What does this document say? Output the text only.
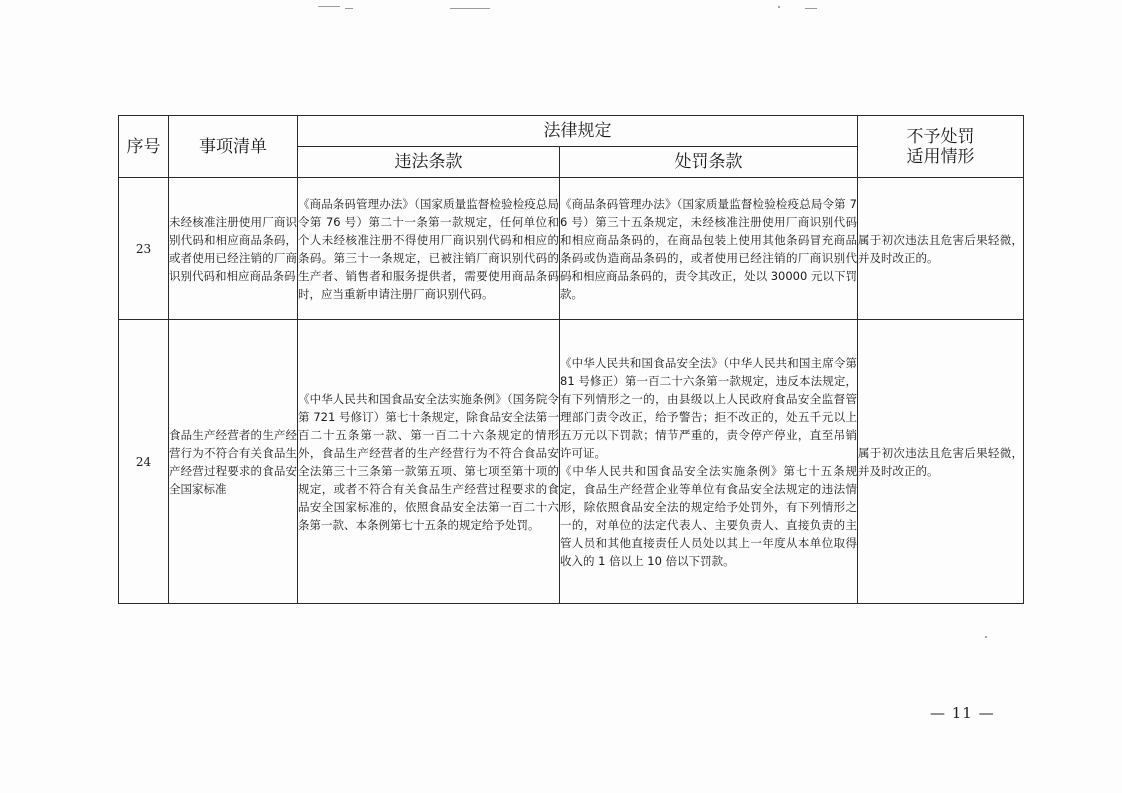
序号	事项清单	法律规定		不予处罚
适用情形

		违法条款	处罚条款	
23	未经核准注册使用厂商识别代码和相应商品条码，或者使用已经注销的厂商识别代码和相应商品条码	《商品条码管理办法》（国家质量监督检验检疫总局令第 76 号）第二十一条第一款规定，任何单位和个人未经核准注册不得使用厂商识别代码和相应的条码。第三十一条规定，已被注销厂商识别代码的生产者、销售者和服务提供者，需要使用商品条码时，应当重新申请注册厂商识别代码。	《商品条码管理办法》（国家质量监督检验检疫总局令第 76 号）第三十五条规定，未经核准注册使用厂商识别代码和相应商品条码的，在商品包装上使用其他条码冒充商品条码或伪造商品条码的，或者使用已经注销的厂商识别代码和相应商品条码的，责令其改正，处以 30000 元以下罚款。	属于初次违法且危害后果轻微，并及时改正的。

24	食品生产经营者的生产经营行为不符合有关食品生产经营过程要求的食品安全国家标准	《中华人民共和国食品安全法实施条例》（国务院令第 721 号修订）第七十条规定，除食品安全法第一百二十五条第一款、第一百二十六条规定的情形外，食品生产经营者的生产经营行为不符合食品安全法第三十三条第一款第五项、第七项至第十项的规定，或者不符合有关食品生产经营过程要求的食品安全国家标准的，依照食品安全法第一百二十六条第一款、本条例第七十五条的规定给予处罚。	《中华人民共和国食品安全法》（中华人民共和国主席令第 81 号修正）第一百二十六条第一款规定，违反本法规定，有下列情形之一的，由县级以上人民政府食品安全监督管理部门责令改正，给予警告；拒不改正的，处五千元以上五万元以下罚款；情节严重的，责令停产停业，直至吊销许可证。
《中华人民共和国食品安全法实施条例》第七十五条规定，食品生产经营企业等单位有食品安全法规定的违法情形，除依照食品安全法的规定给予处罚外，有下列情形之一的，对单位的法定代表人、主要负责人、直接负责的主管人员和其他直接责任人员处以其上一年度从本单位取得收入的 1 倍以上 10 倍以下罚款。	属于初次违法且危害后果轻微，并及时改正的。
— 11 —
